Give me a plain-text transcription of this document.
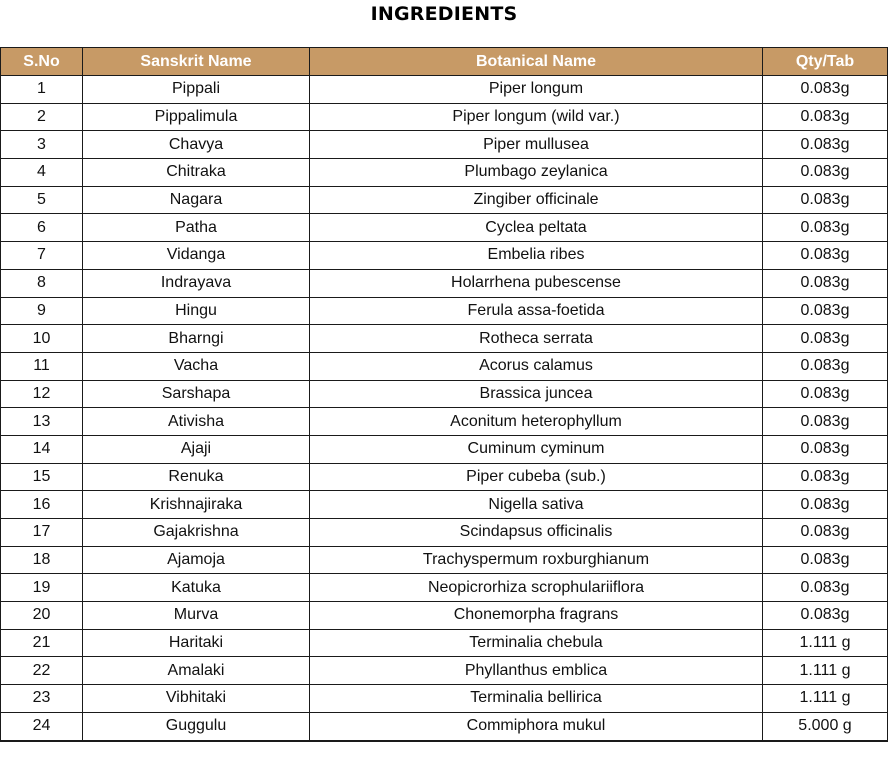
INGREDIENTS
S.No	Sanskrit Name	Botanical Name	Qty/Tab
1	Pippali	Piper longum	0.083g
2	Pippalimula	Piper longum (wild var.)	0.083g
3	Chavya	Piper mullusea	0.083g
4	Chitraka	Plumbago zeylanica	0.083g
5	Nagara	Zingiber officinale	0.083g
6	Patha	Cyclea peltata	0.083g
7	Vidanga	Embelia ribes	0.083g
8	Indrayava	Holarrhena pubescense	0.083g
9	Hingu	Ferula assa-foetida	0.083g
10	Bharngi	Rotheca serrata	0.083g
11	Vacha	Acorus calamus	0.083g
12	Sarshapa	Brassica juncea	0.083g
13	Ativisha	Aconitum heterophyllum	0.083g
14	Ajaji	Cuminum cyminum	0.083g
15	Renuka	Piper cubeba (sub.)	0.083g
16	Krishnajiraka	Nigella sativa	0.083g
17	Gajakrishna	Scindapsus officinalis	0.083g
18	Ajamoja	Trachyspermum roxburghianum	0.083g
19	Katuka	Neopicrorhiza scrophulariiflora	0.083g
20	Murva	Chonemorpha fragrans	0.083g
21	Haritaki	Terminalia chebula	1.111 g
22	Amalaki	Phyllanthus emblica	1.111 g
23	Vibhitaki	Terminalia bellirica	1.111 g
24	Guggulu	Commiphora mukul	5.000 g
